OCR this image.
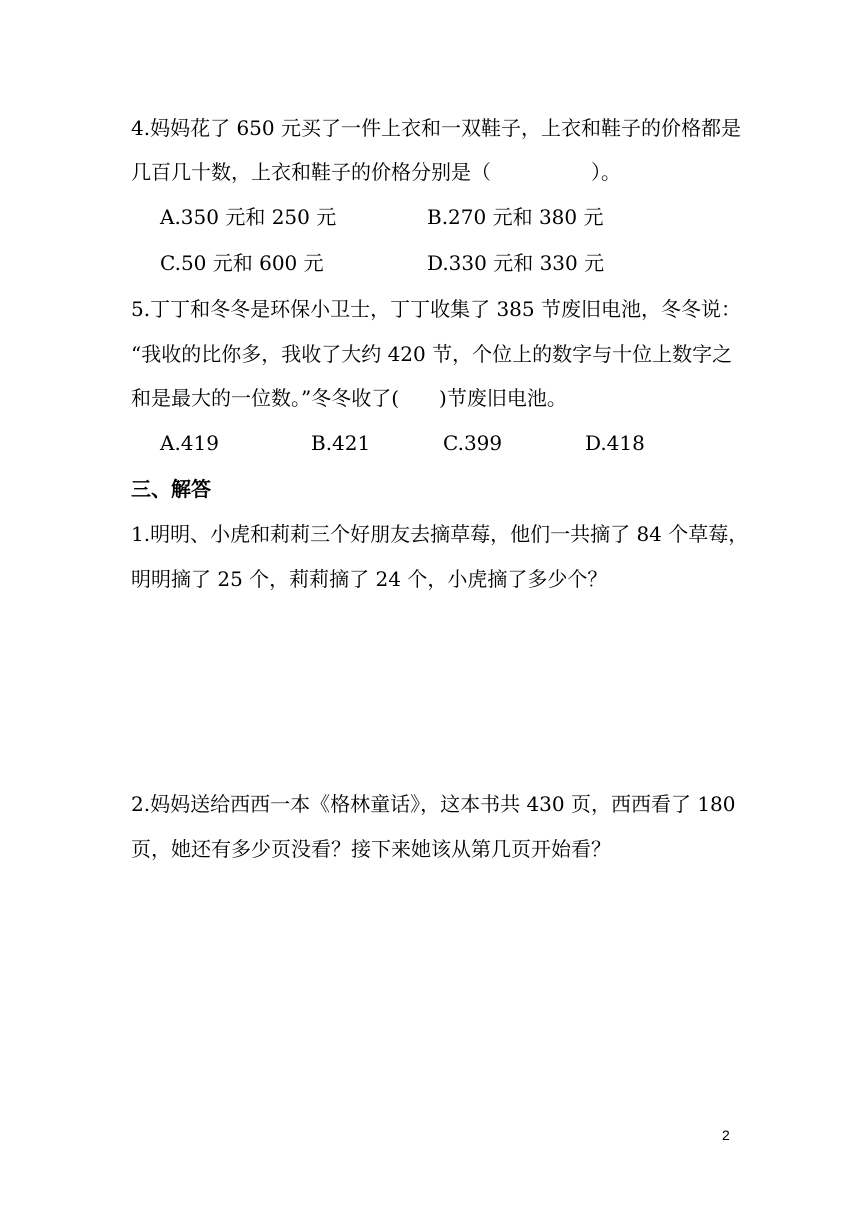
4.妈妈花了 650 元买了一件上衣和一双鞋子，上衣和鞋子的价格都是
几百几十数，上衣和鞋子的价格分别是（　　　　　）。
A.350 元和 250 元	B.270 元和 380 元
C.50 元和 600 元	D.330 元和 330 元
5.丁丁和冬冬是环保小卫士，丁丁收集了 385 节废旧电池，冬冬说：
“我收的比你多，我收了大约 420 节，个位上的数字与十位上数字之
和是最大的一位数。”冬冬收了(　　)节废旧电池。
A.419	B.421	C.399	D.418
三、解答
1.明明、小虎和莉莉三个好朋友去摘草莓，他们一共摘了 84 个草莓，
明明摘了 25 个，莉莉摘了 24 个，小虎摘了多少个？
2.妈妈送给西西一本《格林童话》，这本书共 430 页，西西看了 180
页，她还有多少页没看？接下来她该从第几页开始看？
2
